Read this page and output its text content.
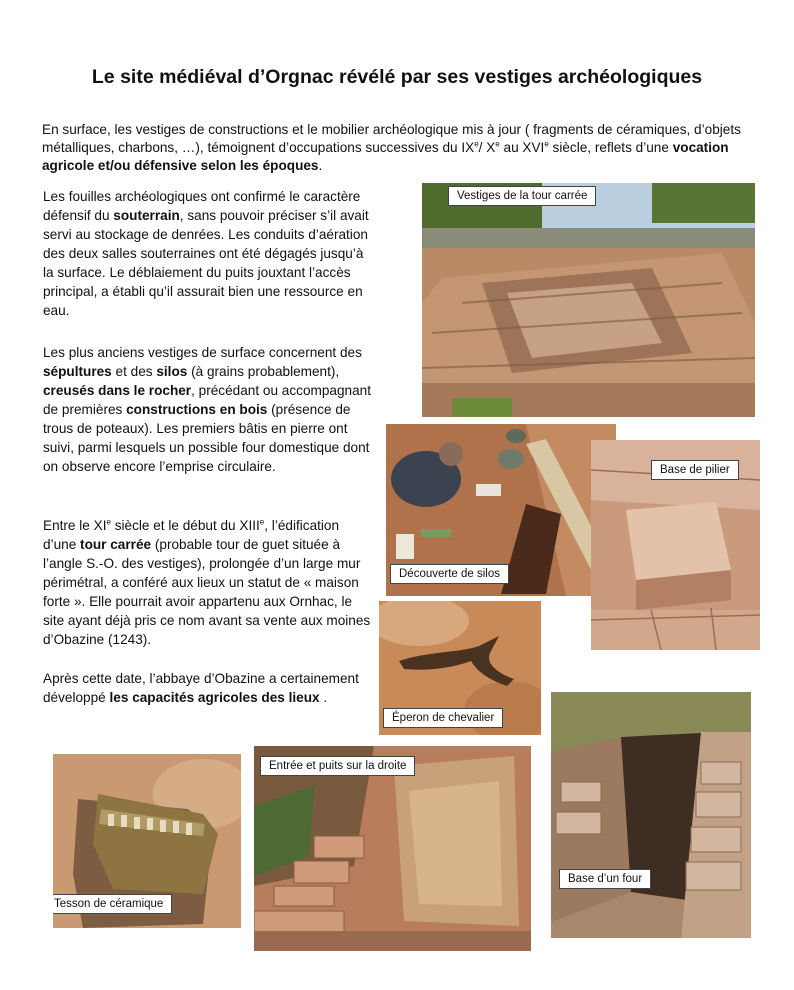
Le site médiéval d’Orgnac révélé par ses vestiges archéologiques
En surface, les vestiges de constructions et le mobilier archéologique mis à jour ( fragments de céramiques, d’objets métalliques, charbons, …), témoignent d’occupations successives du IXe/ Xe au XVIe siècle, reflets d’une vocation agricole et/ou défensive selon les époques.
Les fouilles archéologiques ont confirmé le caractère défensif du souterrain, sans pouvoir préciser s’il avait servi au stockage de denrées. Les conduits d’aération des deux salles souterraines ont été dégagés jusqu’à la surface. Le déblaiement du puits jouxtant l’accès principal, a établi qu’il assurait bien une ressource en eau.
Les plus anciens vestiges de surface concernent des sépultures et des silos (à grains probablement), creusés dans le rocher, précédant ou accompagnant de premières constructions en bois (présence de trous de poteaux). Les premiers bâtis en pierre ont suivi, parmi lesquels un possible four domestique dont on observe encore l’emprise circulaire.
Entre le XIe siècle et le début du XIIIe, l’édification d’une tour carrée (probable tour de guet située à l’angle S.-O. des vestiges), prolongée d’un large mur périmétral, a conféré aux lieux un statut de « maison forte ». Elle pourrait avoir appartenu aux Ornhac, le site ayant déjà pris ce nom avant sa vente aux moines d’Obazine (1243).
Après cette date, l’abbaye d’Obazine a certainement développé les capacités agricoles des lieux .
Vestiges de la tour carrée
Découverte de silos
Base de pilier
Éperon de chevalier
Base d’un four
Entrée et puits sur la droite
Tesson de céramique
